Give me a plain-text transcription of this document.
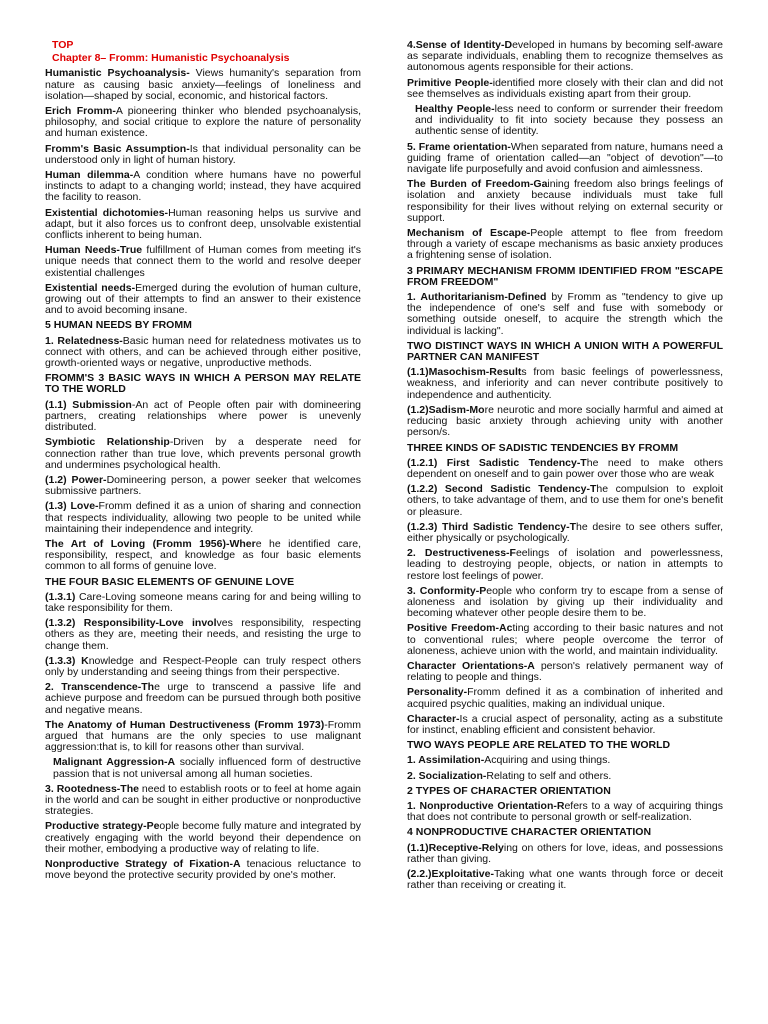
TOP
Chapter 8– Fromm: Humanistic Psychoanalysis
Humanistic Psychoanalysis- Views humanity's separation from nature as causing basic anxiety—feelings of loneliness and isolation—shaped by social, economic, and historical factors.
Erich Fromm-A pioneering thinker who blended psychoanalysis, philosophy, and social critique to explore the nature of personality and human existence.
Fromm's Basic Assumption-Is that individual personality can be understood only in light of human history.
Human dilemma-A condition where humans have no powerful instincts to adapt to a changing world; instead, they have acquired the facility to reason.
Existential dichotomies-Human reasoning helps us survive and adapt, but it also forces us to confront deep, unsolvable existential conflicts inherent to being human.
Human Needs-True fulfillment of Human comes from meeting it's unique needs that connect them to the world and resolve deeper existential challenges
Existential needs-Emerged during the evolution of human culture, growing out of their attempts to find an answer to their existence and to avoid becoming insane.
5 HUMAN NEEDS BY FROMM
1. Relatedness-Basic human need for relatedness motivates us to connect with others, and can be achieved through either positive, growth-oriented ways or negative, unproductive methods.
FROMM'S 3 BASIC WAYS IN WHICH A PERSON MAY RELATE TO THE WORLD
(1.1) Submission-An act of People often pair with domineering partners, creating relationships where power is unevenly distributed.
Symbiotic Relationship-Driven by a desperate need for connection rather than true love, which prevents personal growth and undermines psychological health.
(1.2) Power-Domineering person, a power seeker that welcomes submissive partners.
(1.3) Love-Fromm defined it as a union of sharing and connection that respects individuality, allowing two people to be united while maintaining their independence and integrity.
The Art of Loving (Fromm 1956)-Where he identified care, responsibility, respect, and knowledge as four basic elements common to all forms of genuine love.
THE FOUR BASIC ELEMENTS OF GENUINE LOVE
(1.3.1) Care-Loving someone means caring for and being willing to take responsibility for them.
(1.3.2) Responsibility-Love involves responsibility, respecting others as they are, meeting their needs, and resisting the urge to change them.
(1.3.3) Knowledge and Respect-People can truly respect others only by understanding and seeing things from their perspective.
2. Transcendence-The urge to transcend a passive life and achieve purpose and freedom can be pursued through both positive and negative means.
The Anatomy of Human Destructiveness (Fromm 1973)-Fromm argued that humans are the only species to use malignant aggression:that is, to kill for reasons other than survival.
Malignant Aggression-A socially influenced form of destructive passion that is not universal among all human societies.
3. Rootedness-The need to establish roots or to feel at home again in the world and can be sought in either productive or nonproductive strategies.
Productive strategy-People become fully mature and integrated by creatively engaging with the world beyond their dependence on their mother, embodying a productive way of relating to life.
Nonproductive Strategy of Fixation-A tenacious reluctance to move beyond the protective security provided by one's mother.
4.Sense of Identity-Developed in humans by becoming self-aware as separate individuals, enabling them to recognize themselves as autonomous agents responsible for their actions.
Primitive People-identified more closely with their clan and did not see themselves as individuals existing apart from their group.
Healthy People-less need to conform or surrender their freedom and individuality to fit into society because they possess an authentic sense of identity.
5. Frame orientation-When separated from nature, humans need a guiding frame of orientation called—an "object of devotion"—to navigate life purposefully and avoid confusion and aimlessness.
The Burden of Freedom-Gaining freedom also brings feelings of isolation and anxiety because individuals must take full responsibility for their lives without relying on external security or support.
Mechanism of Escape-People attempt to flee from freedom through a variety of escape mechanisms as basic anxiety produces a frightening sense of isolation.
3 PRIMARY MECHANISM FROMM IDENTIFIED FROM "ESCAPE FROM FREEDOM"
1. Authoritarianism-Defined by Fromm as "tendency to give up the independence of one's self and fuse with somebody or something outside oneself, to acquire the strength which the individual is lacking".
TWO DISTINCT WAYS IN WHICH A UNION WITH A POWERFUL PARTNER CAN MANIFEST
(1.1)Masochism-Results from basic feelings of powerlessness, weakness, and inferiority and can never contribute positively to independence and authenticity.
(1.2)Sadism-More neurotic and more socially harmful and aimed at reducing basic anxiety through achieving unity with another person/s.
THREE KINDS OF SADISTIC TENDENCIES BY FROMM
(1.2.1) First Sadistic Tendency-The need to make others dependent on oneself and to gain power over those who are weak
(1.2.2) Second Sadistic Tendency-The compulsion to exploit others, to take advantage of them, and to use them for one's benefit or pleasure.
(1.2.3) Third Sadistic Tendency-The desire to see others suffer, either physically or psychologically.
2. Destructiveness-Feelings of isolation and powerlessness, leading to destroying people, objects, or nation in attempts to restore lost feelings of power.
3. Conformity-People who conform try to escape from a sense of aloneness and isolation by giving up their individuality and becoming whatever other people desire them to be.
Positive Freedom-Acting according to their basic natures and not to conventional rules; where people overcome the terror of aloneness, achieve union with the world, and maintain individuality.
Character Orientations-A person's relatively permanent way of relating to people and things.
Personality-Fromm defined it as a combination of inherited and acquired psychic qualities, making an individual unique.
Character-Is a crucial aspect of personality, acting as a substitute for instinct, enabling efficient and consistent behavior.
TWO WAYS PEOPLE ARE RELATED TO THE WORLD
1. Assimilation-Acquiring and using things.
2. Socialization-Relating to self and others.
2 TYPES OF CHARACTER ORIENTATION
1. Nonproductive Orientation-Refers to a way of acquiring things that does not contribute to personal growth or self-realization.
4 NONPRODUCTIVE CHARACTER ORIENTATION
(1.1)Receptive-Relying on others for love, ideas, and possessions rather than giving.
(2.2.)Exploitative-Taking what one wants through force or deceit rather than receiving or creating it.
